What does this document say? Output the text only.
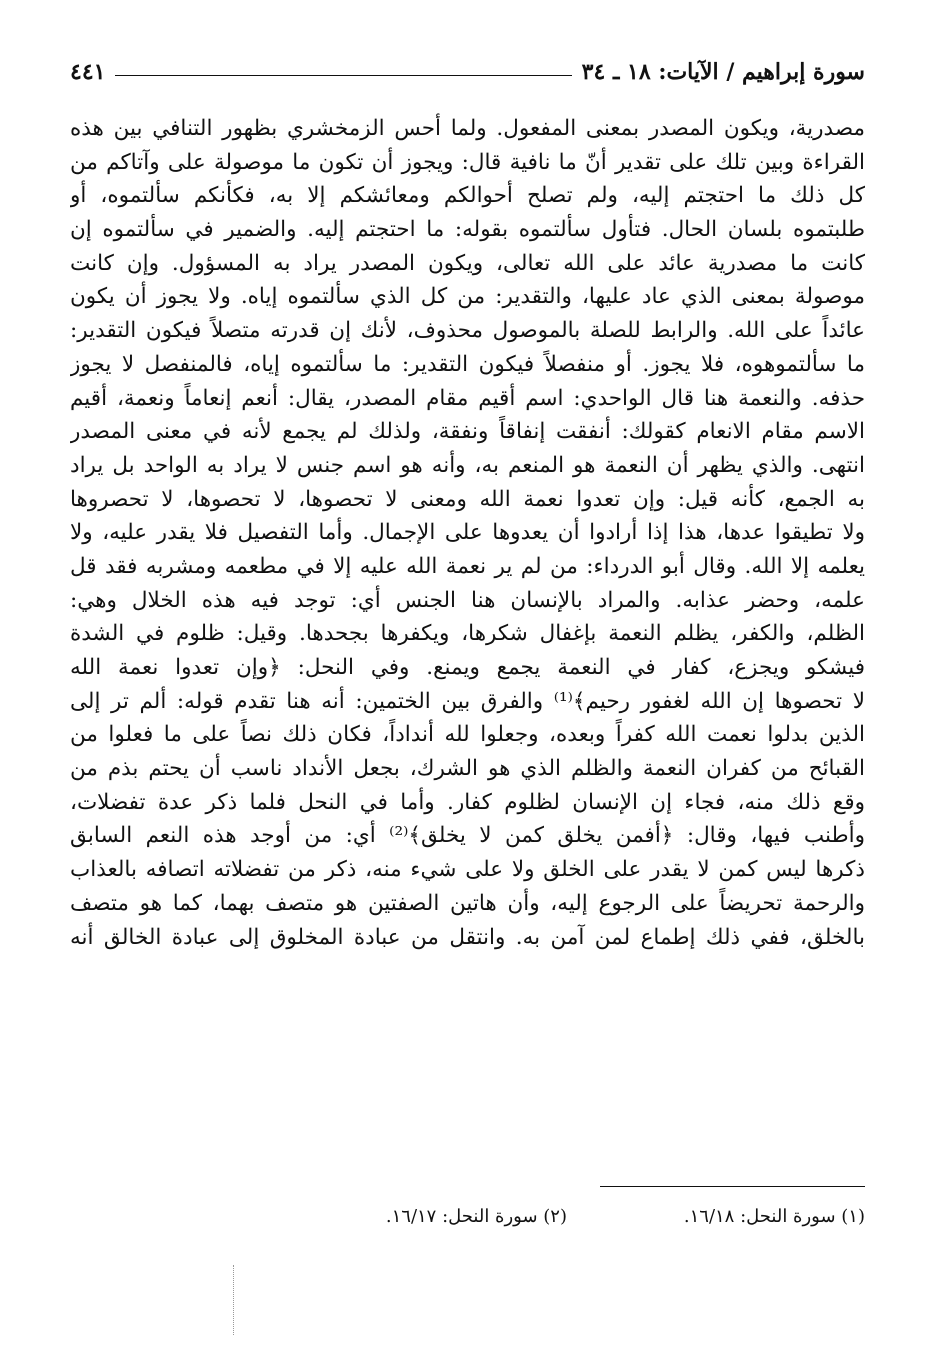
سورة إبراهيم / الآيات: ١٨ ـ ٣٤
٤٤١
مصدرية، ويكون المصدر بمعنى المفعول. ولما أحس الزمخشري بظهور التنافي بين هذه
القراءة وبين تلك على تقدير أنّ ما نافية قال: ويجوز أن تكون ما موصولة على وآتاكم من
كل ذلك ما احتجتم إليه، ولم تصلح أحوالكم ومعائشكم إلا به، فكأنكم سألتموه، أو
طلبتموه بلسان الحال. فتأول سألتموه بقوله: ما احتجتم إليه. والضمير في سألتموه إن
كانت ما مصدرية عائد على الله تعالى، ويكون المصدر يراد به المسؤول. وإن كانت
موصولة بمعنى الذي عاد عليها، والتقدير: من كل الذي سألتموه إياه. ولا يجوز أن يكون
عائداً على الله. والرابط للصلة بالموصول محذوف، لأنك إن قدرته متصلاً فيكون التقدير:
ما سألتموهوه، فلا يجوز. أو منفصلاً فيكون التقدير: ما سألتموه إياه، فالمنفصل لا يجوز
حذفه. والنعمة هنا قال الواحدي: اسم أقيم مقام المصدر، يقال: أنعم إنعاماً ونعمة، أقيم
الاسم مقام الانعام كقولك: أنفقت إنفاقاً ونفقة، ولذلك لم يجمع لأنه في معنى المصدر
انتهى. والذي يظهر أن النعمة هو المنعم به، وأنه هو اسم جنس لا يراد به الواحد بل يراد
به الجمع، كأنه قيل: وإن تعدوا نعمة الله ومعنى لا تحصوها، لا تحصوها، لا تحصروها
ولا تطيقوا عدها، هذا إذا أرادوا أن يعدوها على الإجمال. وأما التفصيل فلا يقدر عليه، ولا
يعلمه إلا الله. وقال أبو الدرداء: من لم ير نعمة الله عليه إلا في مطعمه ومشربه فقد قل
علمه، وحضر عذابه. والمراد بالإنسان هنا الجنس أي: توجد فيه هذه الخلال وهي:
الظلم، والكفر، يظلم النعمة بإغفال شكرها، ويكفرها بجحدها. وقيل: ظلوم في الشدة
فيشكو ويجزع، كفار في النعمة يجمع ويمنع. وفي النحل: ﴿وإن تعدوا نعمة الله
لا تحصوها إن الله لغفور رحيم﴾⁽¹⁾ والفرق بين الختمين: أنه هنا تقدم قوله: ألم تر إلى
الذين بدلوا نعمت الله كفراً وبعده، وجعلوا لله أنداداً، فكان ذلك نصاً على ما فعلوا من
القبائح من كفران النعمة والظلم الذي هو الشرك، بجعل الأنداد ناسب أن يحتم بذم من
وقع ذلك منه، فجاء إن الإنسان لظلوم كفار. وأما في النحل فلما ذكر عدة تفضلات،
وأطنب فيها، وقال: ﴿أفمن يخلق كمن لا يخلق﴾⁽²⁾ أي: من أوجد هذه النعم السابق
ذكرها ليس كمن لا يقدر على الخلق ولا على شيء منه، ذكر من تفضلاته اتصافه بالعذاب
والرحمة تحريضاً على الرجوع إليه، وأن هاتين الصفتين هو متصف بهما، كما هو متصف
بالخلق، ففي ذلك إطماع لمن آمن به. وانتقل من عبادة المخلوق إلى عبادة الخالق أنه
(١) سورة النحل: ١٦/١٨.
(٢) سورة النحل: ١٦/١٧.
